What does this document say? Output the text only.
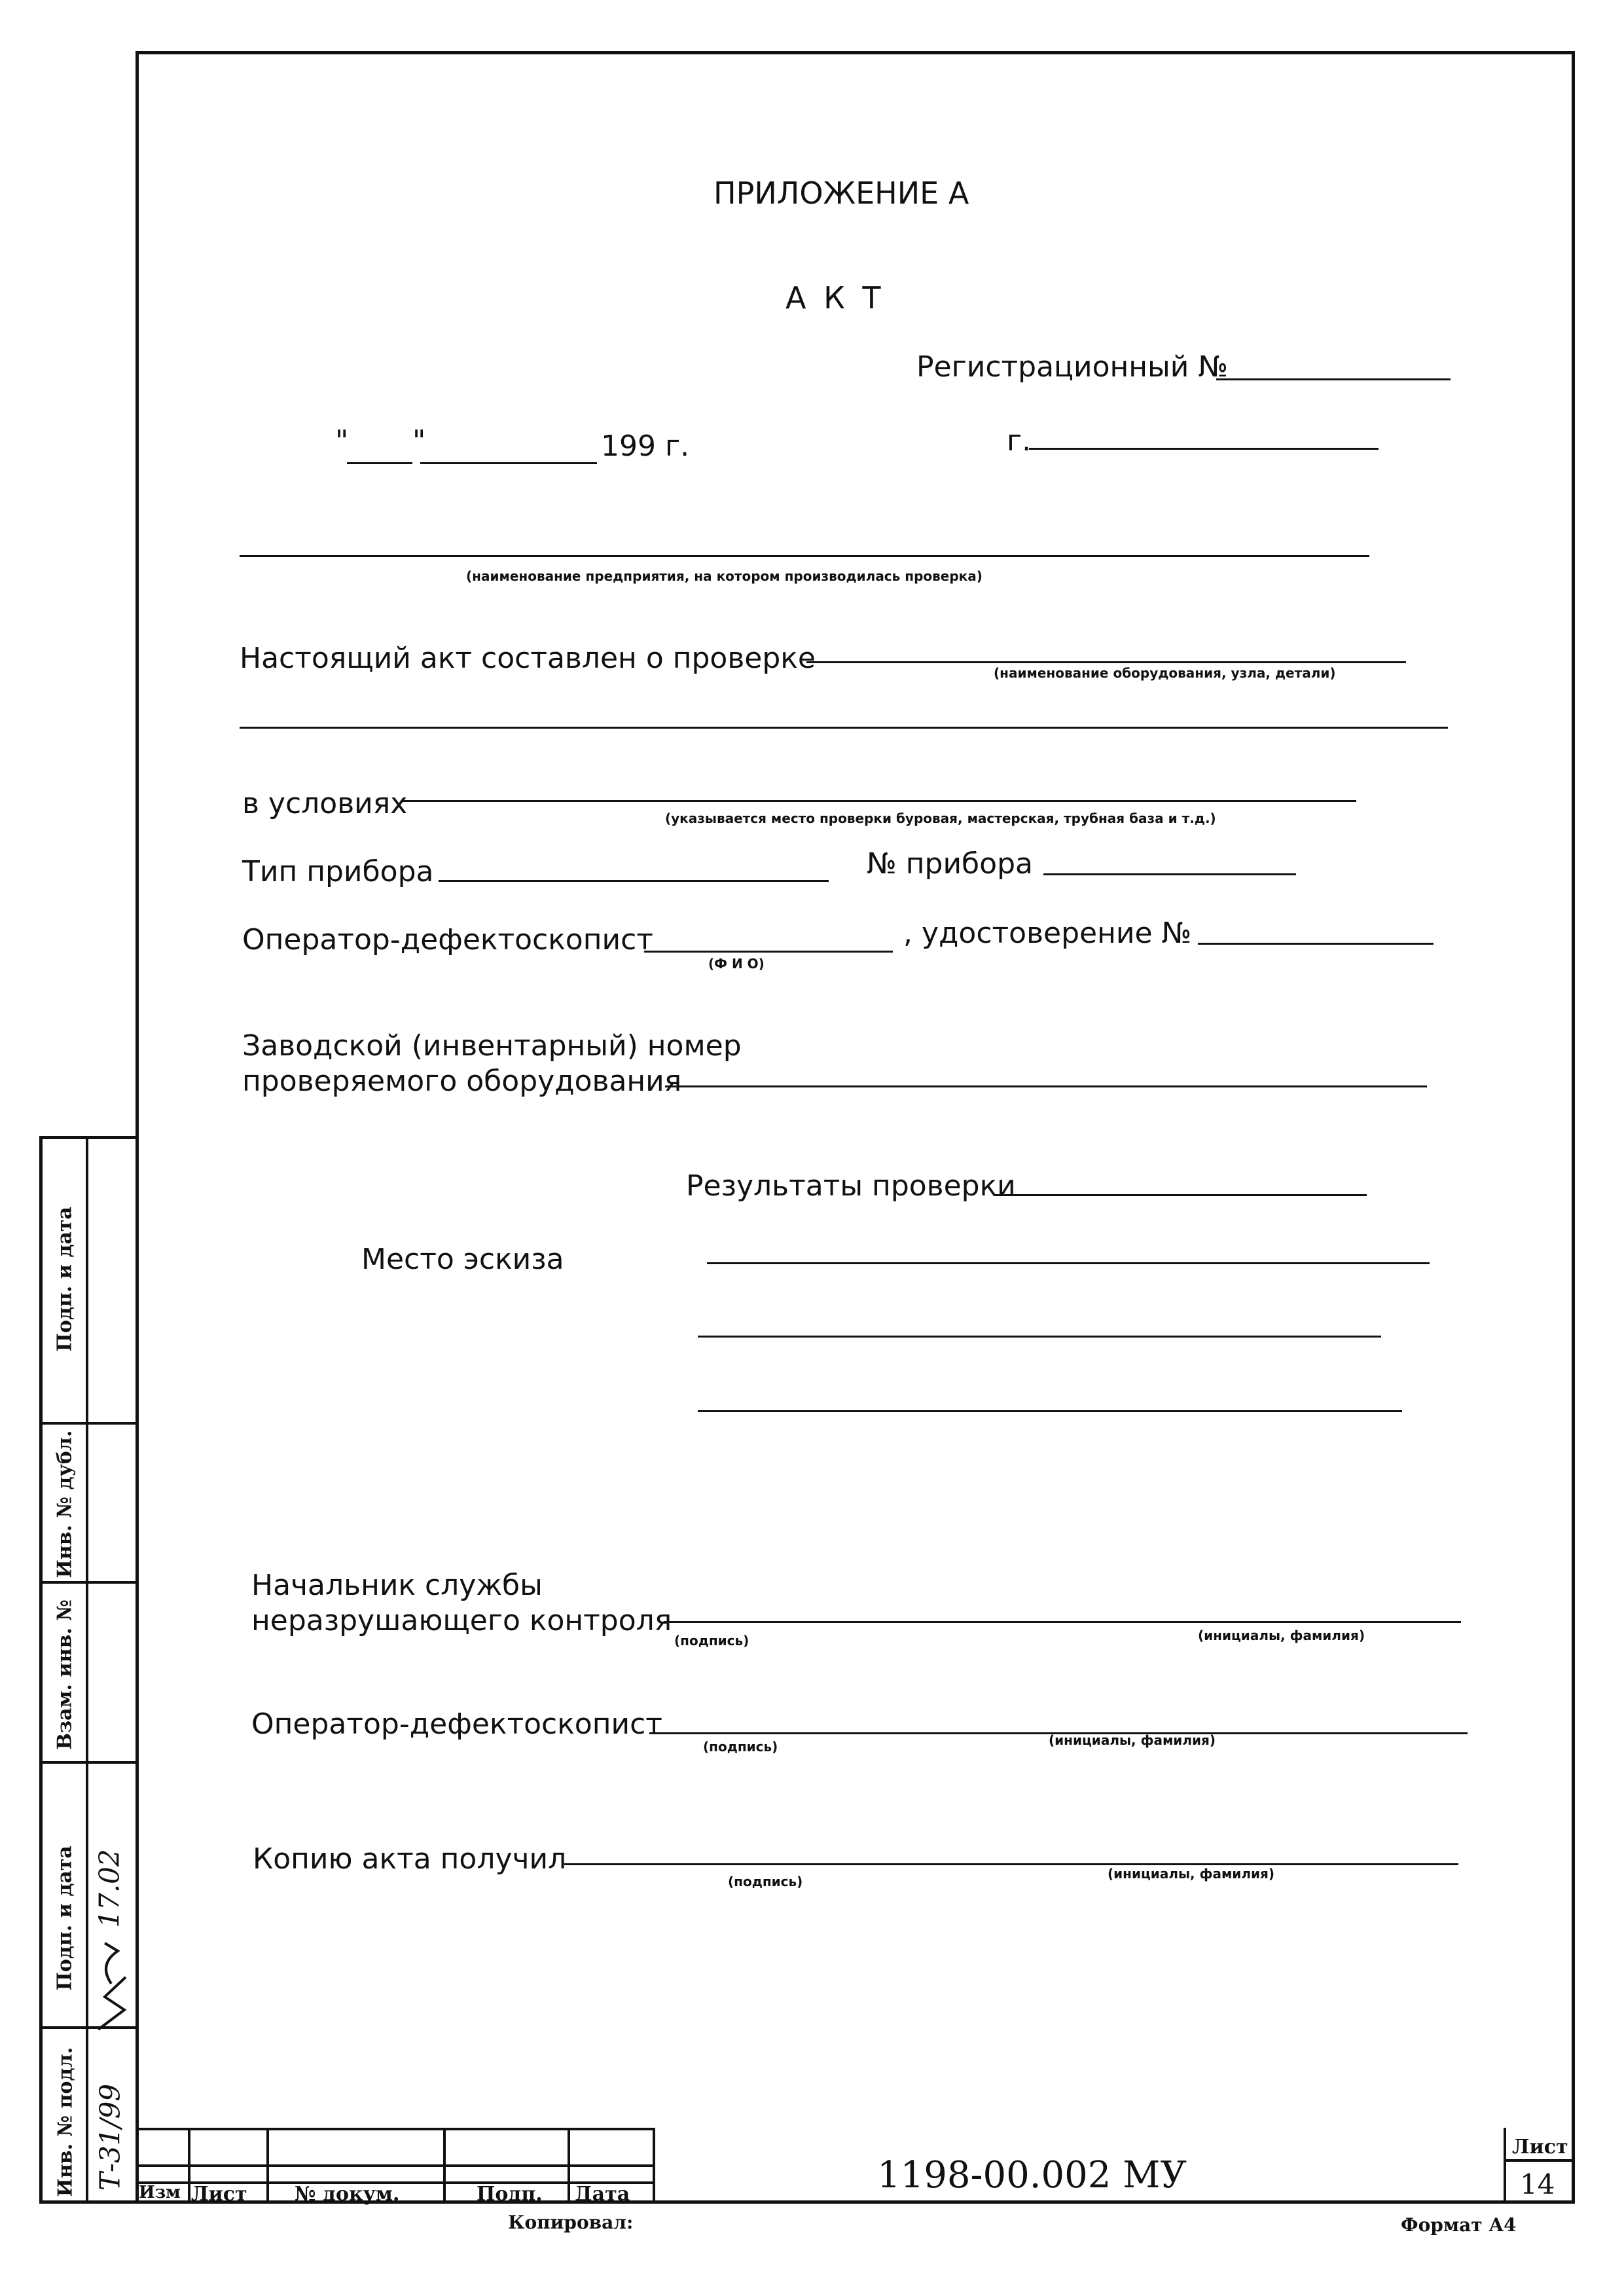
ПРИЛОЖЕНИЕ А
А К Т
Регистрационный №
" "	199 г.	г.
(наименование предприятия, на котором производилась проверка)
Настоящий акт составлен о проверке	(наименование оборудования, узла, детали)
в условиях	(указывается место проверки буровая, мастерская, трубная база и т.д.)
Тип прибора	№ прибора
Оператор-дефектоскопист
(Ф И О)
, удостоверение №
Заводской (инвентарный) номер
проверяемого оборудования
Результаты проверки
Место эскиза
Начальник службы
неразрушающего контроля
(подпись)	(инициалы, фамилия)
Оператор-дефектоскопист
(подпись)	(инициалы, фамилия)
Копию акта получил
(подпись)	(инициалы, фамилия)
Инв. № подл.
Подп. и дата
Взам. инв. №
Инв. № дубл.
Подп. и дата
Т-31/99
17.02
Изм Лист № докум.	Подп. Дата	1198-00.002 МУ
Лист
14
Копировал:	Формат А4
